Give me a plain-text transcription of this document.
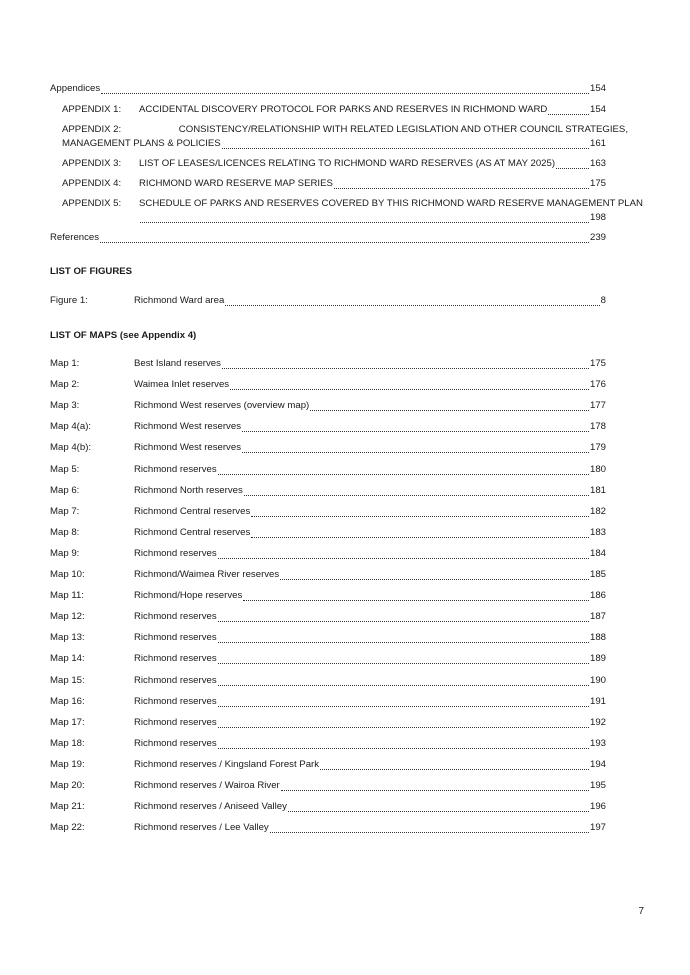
Appendices	154
APPENDIX 1:	ACCIDENTAL DISCOVERY PROTOCOL FOR PARKS AND RESERVES IN RICHMOND WARD	154
APPENDIX 2:	CONSISTENCY/RELATIONSHIP WITH RELATED LEGISLATION AND OTHER COUNCIL STRATEGIES,
MANAGEMENT PLANS & POLICIES	161
APPENDIX 3:	LIST OF LEASES/LICENCES RELATING TO RICHMOND WARD RESERVES (AS AT MAY 2025)	163
APPENDIX 4:	RICHMOND WARD RESERVE MAP SERIES	175
APPENDIX 5:	SCHEDULE OF PARKS AND RESERVES COVERED BY THIS RICHMOND WARD RESERVE MANAGEMENT PLAN
198
References	239
LIST OF FIGURES
Figure 1:	Richmond Ward area	8
LIST OF MAPS (see Appendix 4)
Map 1:	Best Island reserves	175
Map 2:	Waimea Inlet reserves	176
Map 3:	Richmond West reserves (overview map)	177
Map 4(a):	Richmond West reserves	178
Map 4(b):	Richmond West reserves	179
Map 5:	Richmond reserves	180
Map 6:	Richmond North reserves	181
Map 7:	Richmond Central reserves	182
Map 8:	Richmond Central reserves	183
Map 9:	Richmond reserves	184
Map 10:	Richmond/Waimea River reserves	185
Map 11:	Richmond/Hope reserves	186
Map 12:	Richmond reserves	187
Map 13:	Richmond reserves	188
Map 14:	Richmond reserves	189
Map 15:	Richmond reserves	190
Map 16:	Richmond reserves	191
Map 17:	Richmond reserves	192
Map 18:	Richmond reserves	193
Map 19:	Richmond reserves / Kingsland Forest Park	194
Map 20:	Richmond reserves / Wairoa River	195
Map 21:	Richmond reserves / Aniseed Valley	196
Map 22:	Richmond reserves / Lee Valley	197
7
